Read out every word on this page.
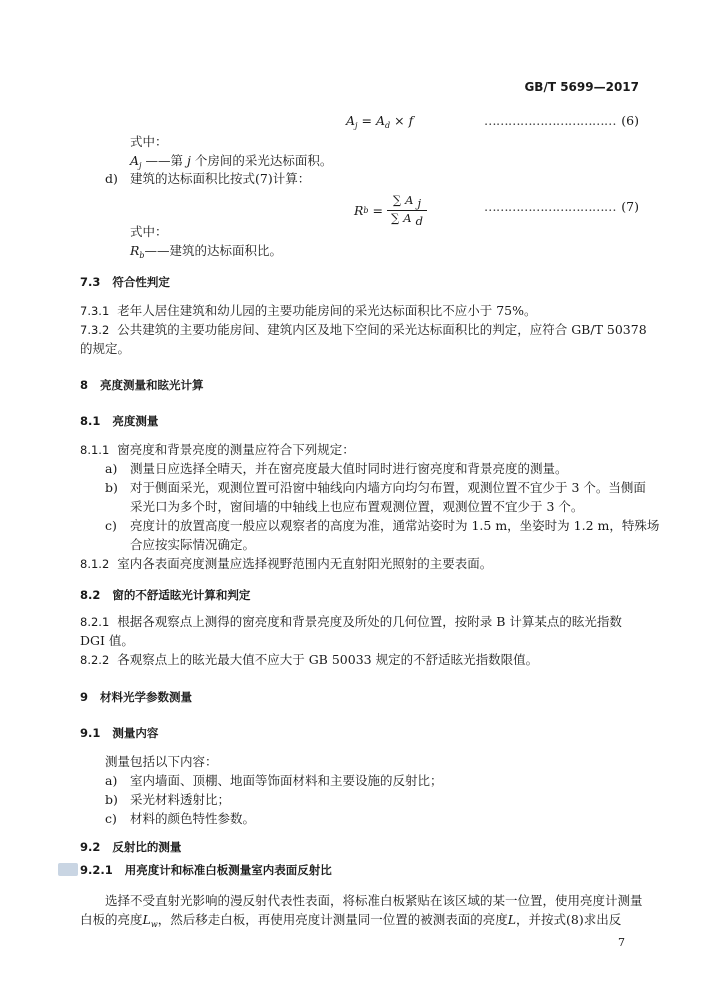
GB/T 5699—2017
$A_j = A_d \times f$	…………………………… (6)
式中：
$A_j$ ——第 j 个房间的采光达标面积。
d) 建筑的达标面积比按式(7)计算：
R $b = \frac{\text{∑ A j}}{\text{∑ A d}}$	…………………………… (7)
式中：
$R_b——$建筑的达标面积比。
7.3 符合性判定
7.3.1 老年人居住建筑和幼儿园的主要功能房间的采光达标面积比不应小于 75%。
7.3.2 公共建筑的主要功能房间、建筑内区及地下空间的采光达标面积比的判定，应符合 GB/T 50378
的规定。
8 亮度测量和眩光计算
8.1 亮度测量
8.1.1 窗亮度和背景亮度的测量应符合下列规定：
a) 测量日应选择全晴天，并在窗亮度最大值时同时进行窗亮度和背景亮度的测量。
b) 对于侧面采光，观测位置可沿窗中轴线向内墙方向均匀布置，观测位置不宜少于 3 个。当侧面
采光口为多个时，窗间墙的中轴线上也应布置观测位置，观测位置不宜少于 3 个。
c) 亮度计的放置高度一般应以观察者的高度为准，通常站姿时为 1.5 m，坐姿时为 1.2 m，特殊场
合应按实际情况确定。
8.1.2 室内各表面亮度测量应选择视野范围内无直射阳光照射的主要表面。
8.2 窗的不舒适眩光计算和判定
8.2.1 根据各观察点上测得的窗亮度和背景亮度及所处的几何位置，按附录 B 计算某点的眩光指数
DGI 值。
8.2.2 各观察点上的眩光最大值不应大于 GB 50033 规定的不舒适眩光指数限值。
9 材料光学参数测量
9.1 测量内容
测量包括以下内容：
a) 室内墙面、顶棚、地面等饰面材料和主要设施的反射比；
b) 采光材料透射比；
c) 材料的颜色特性参数。
9.2 反射比的测量
9.2.1 用亮度计和标准白板测量室内表面反射比
选择不受直射光影响的漫反射代表性表面，将标准白板紧贴在该区域的某一位置，使用亮度计测量
白板的亮度$L_w$，然后移走白板，再使用亮度计测量同一位置的被测表面的亮度L，并按式(8)求出反
7
